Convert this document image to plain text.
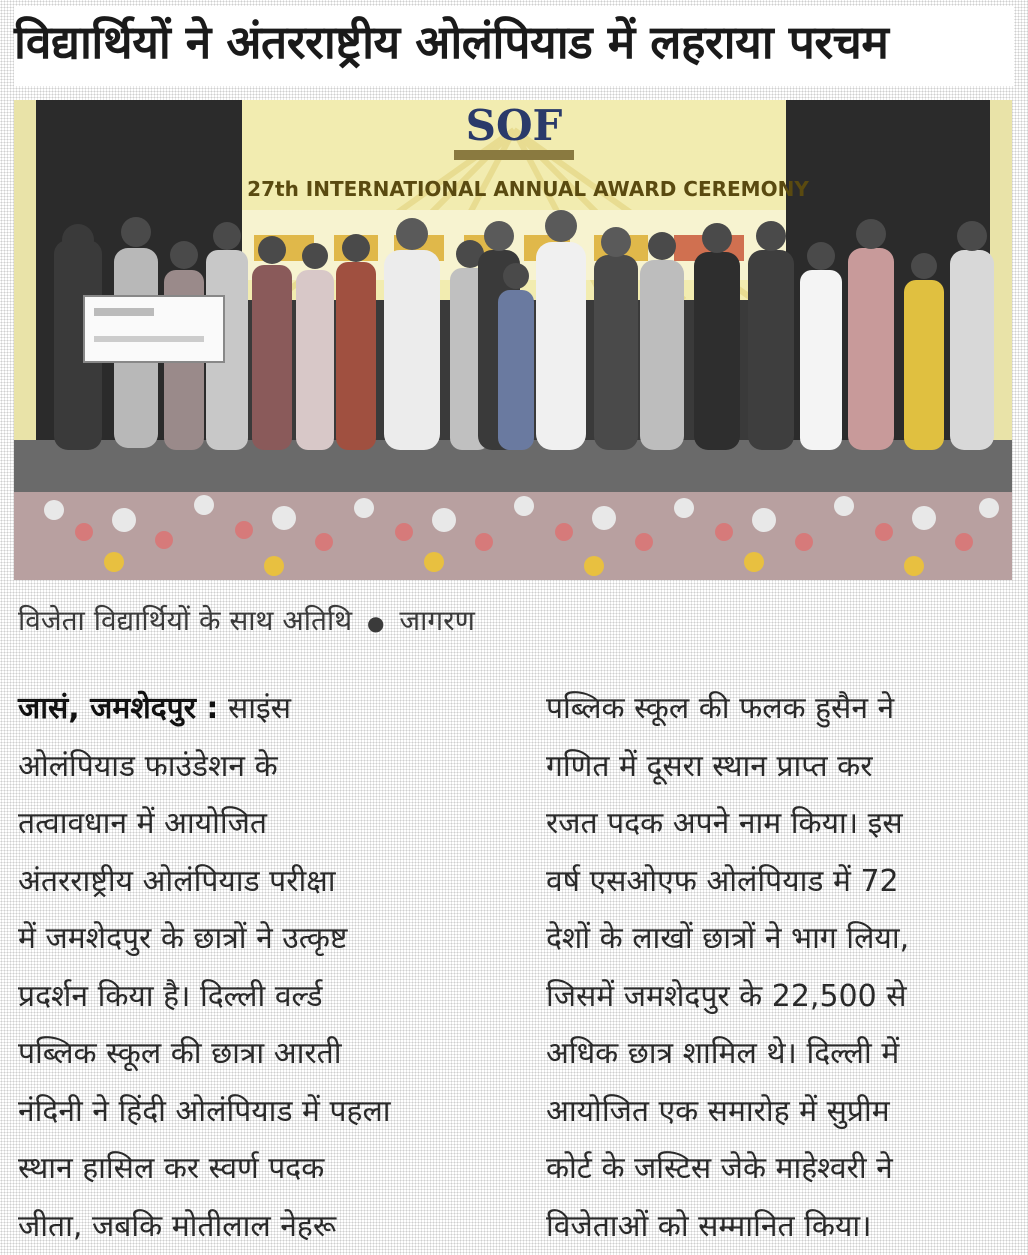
विद्यार्थियों ने अंतरराष्ट्रीय ओलंपियाड में लहराया परचम
SOF
27th INTERNATIONAL ANNUAL AWARD CEREMONY
विजेता विद्यार्थियों के साथ अतिथि ● जागरण
जासं, जमशेदपुर : साइंस
ओलंपियाड फाउंडेशन के
तत्वावधान में आयोजित
अंतरराष्ट्रीय ओलंपियाड परीक्षा
में जमशेदपुर के छात्रों ने उत्कृष्ट
प्रदर्शन किया है। दिल्ली वर्ल्ड
पब्लिक स्कूल की छात्रा आरती
नंदिनी ने हिंदी ओलंपियाड में पहला
स्थान हासिल कर स्वर्ण पदक
जीता, जबकि मोतीलाल नेहरू
पब्लिक स्कूल की फलक हुसैन ने
गणित में दूसरा स्थान प्राप्त कर
रजत पदक अपने नाम किया। इस
वर्ष एसओएफ ओलंपियाड में 72
देशों के लाखों छात्रों ने भाग लिया,
जिसमें जमशेदपुर के 22,500 से
अधिक छात्र शामिल थे। दिल्ली में
आयोजित एक समारोह में सुप्रीम
कोर्ट के जस्टिस जेके माहेश्वरी ने
विजेताओं को सम्मानित किया।
